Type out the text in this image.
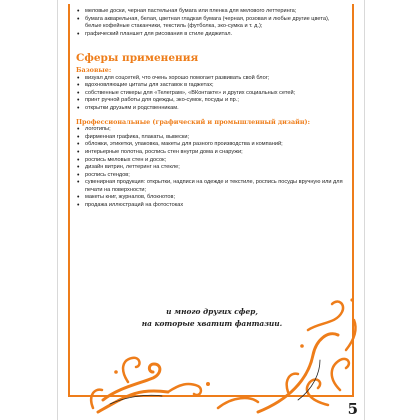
• меловые доски, черная пастельная бумага или пленка для мелового леттеринга;
• бумага акварельная, белая, цветная гладкая бумага (черная, розовая и любые другие цвета), белые кофейные стаканчики, текстиль (футболка, эко-сумка и т. д.);
• графический планшет для рисования в стиле диджитал.
Сферы применения
Базовые:
• визуал для соцсетей, что очень хорошо помогает развивать свой блог;
• вдохновляющие цитаты для заставок в гаджетах;
• собственные стикеры для «Телеграм», «ВКонтакте» и других социальных сетей;
• принт ручной работы для одежды, эко-сумок, посуды и пр.;
• открытки друзьям и родственникам.
Профессиональные (графический и промышленный дизайн):
• логотипы;
• фирменная графика, плакаты, вывески;
• обложки, этикетки, упаковка, макеты для разного производства и компаний;
• интерьерные полотна, роспись стен внутри дома и снаружи;
• роспись меловых стен и досок;
• дизайн витрин, леттеринг на стекле;
• роспись стендов;
• сувенирная продукция: открытки, надписи на одежде и текстиле, роспись посуды вручную или для печати на поверхности;
• макеты книг, журналов, блокнотов;
• продажа иллюстраций на фотостоках
и много других сфер,
на которые хватит фантазии.
5
